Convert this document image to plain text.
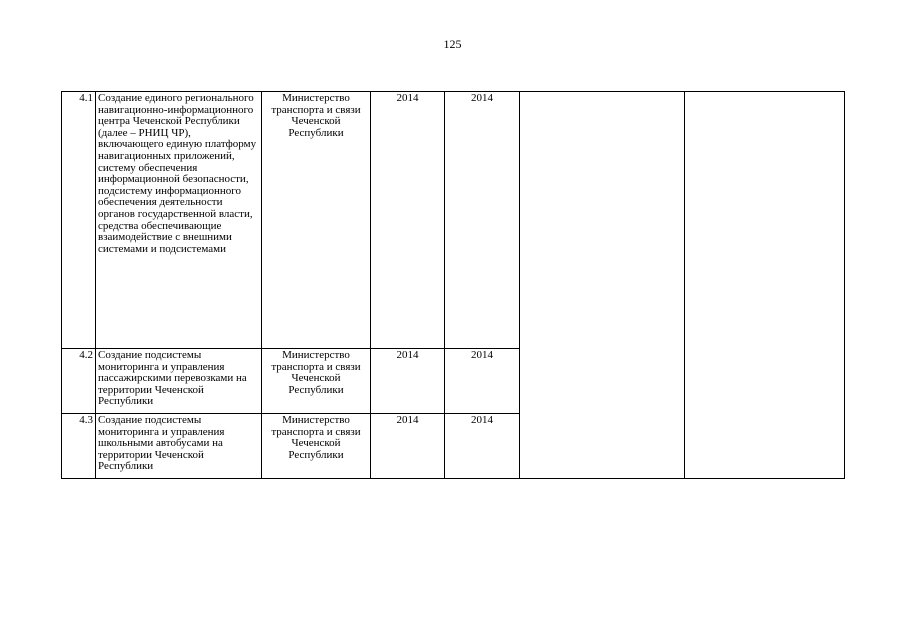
125
4.1	Создание единого регионального навигационно-информационного центра Чеченской Республики (далее – РНИЦ ЧР), включающего единую платформу навигационных приложений, систему обеспечения информационной безопасности, подсистему информационного обеспечения деятельности органов государственной власти, средства обеспечивающие взаимодействие с внешними системами и подсистемами	Министерство транспорта и связи Чеченской Республики	2014	2014		
4.2	Создание подсистемы мониторинга и управления пассажирскими перевозками на территории Чеченской Республики	Министерство транспорта и связи Чеченской Республики	2014	2014		
4.3	Создание подсистемы мониторинга и управления школьными автобусами на территории Чеченской Республики	Министерство транспорта и связи Чеченской Республики	2014	2014		
